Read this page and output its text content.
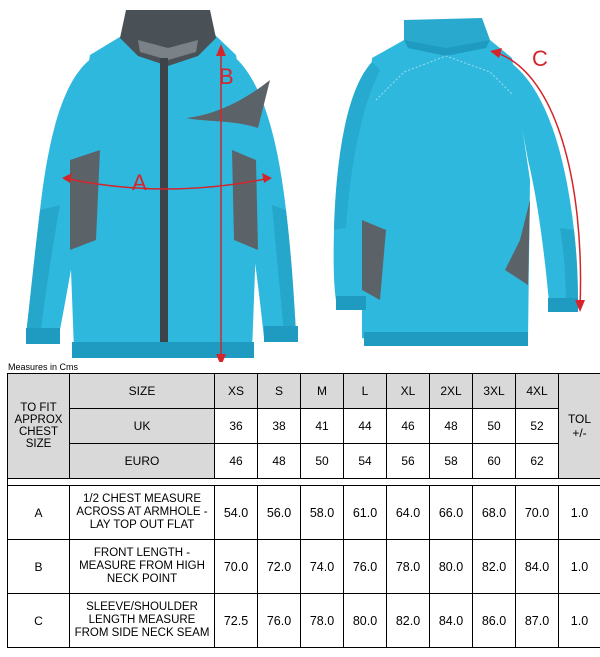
A
B
C
Measures in Cms
TO FIT APPROX CHEST SIZE	SIZE	XS	S	M	L	XL	2XL	3XL	4XL	TOL +/-
	UK	36	38	41	44	46	48	50	52	
	EURO	46	48	50	54	56	58	60	62	

A	1/2 CHEST MEASURE ACROSS AT ARMHOLE - LAY TOP OUT FLAT	54.0	56.0	58.0	61.0	64.0	66.0	68.0	70.0	1.0
B	FRONT LENGTH - MEASURE FROM HIGH NECK POINT	70.0	72.0	74.0	76.0	78.0	80.0	82.0	84.0	1.0
C	SLEEVE/SHOULDER LENGTH MEASURE FROM SIDE NECK SEAM	72.5	76.0	78.0	80.0	82.0	84.0	86.0	87.0	1.0
